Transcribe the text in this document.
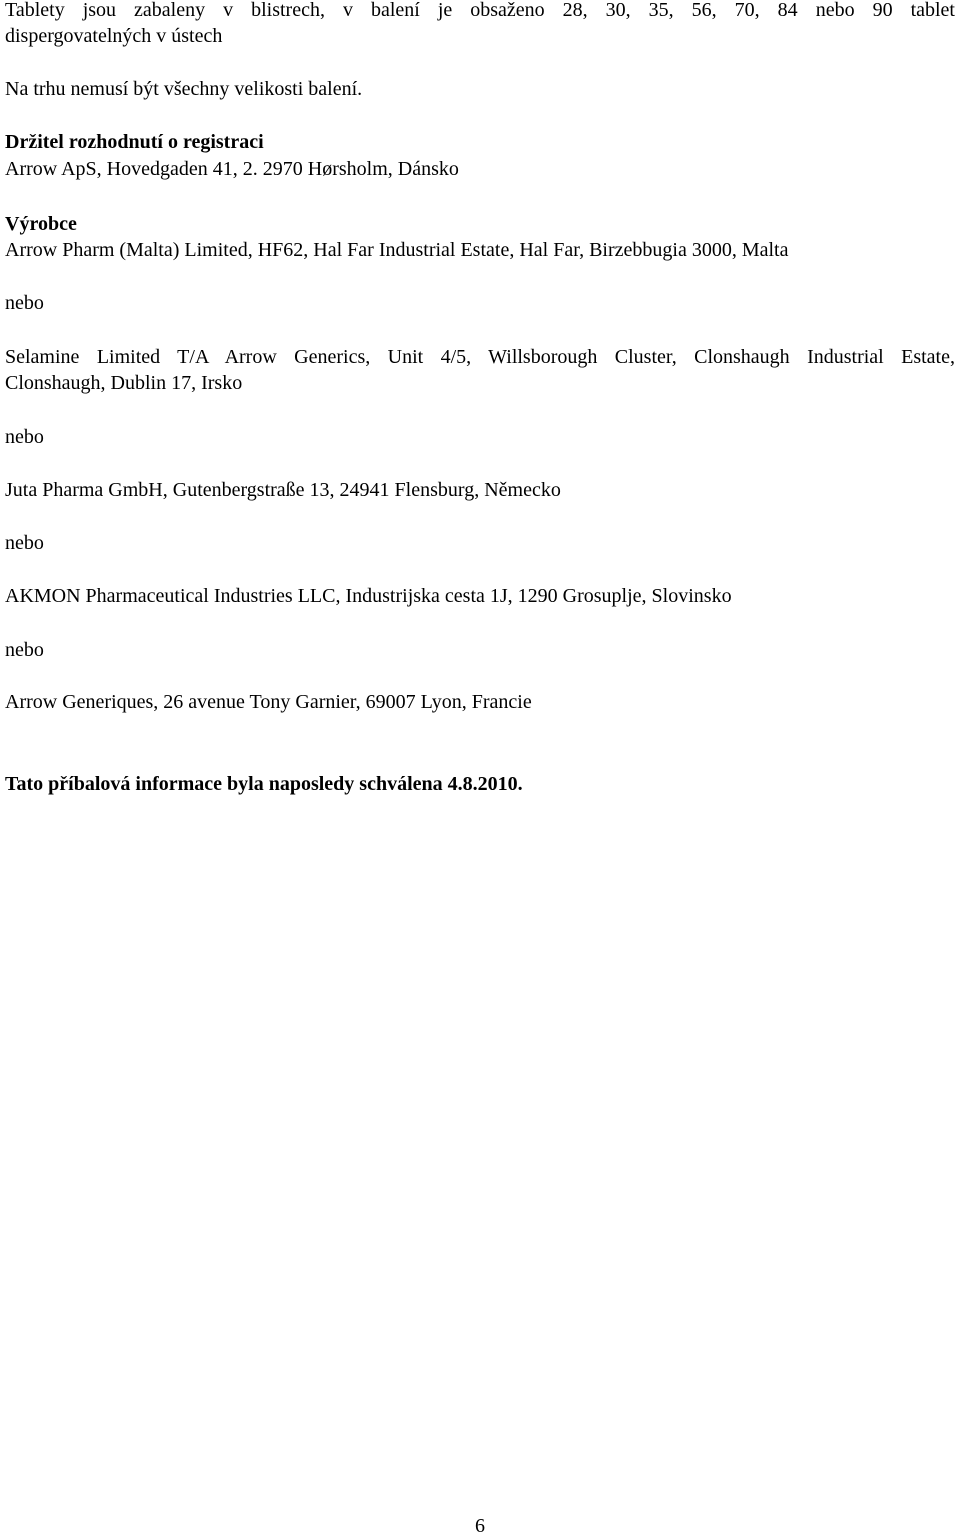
Tablety jsou zabaleny v blistrech, v balení je obsaženo 28, 30, 35, 56, 70, 84 nebo 90 tablet
dispergovatelných v ústech
Na trhu nemusí být všechny velikosti balení.
Držitel rozhodnutí o registraci
Arrow ApS, Hovedgaden 41, 2. 2970 Hørsholm, Dánsko
Výrobce
Arrow Pharm (Malta) Limited, HF62, Hal Far Industrial Estate, Hal Far, Birzebbugia 3000, Malta
nebo
Selamine Limited T/A Arrow Generics, Unit 4/5, Willsborough Cluster, Clonshaugh Industrial Estate,
Clonshaugh, Dublin 17, Irsko
nebo
Juta Pharma GmbH, Gutenbergstraße 13, 24941 Flensburg, Německo
nebo
AKMON Pharmaceutical Industries LLC, Industrijska cesta 1J, 1290 Grosuplje, Slovinsko
nebo
Arrow Generiques, 26 avenue Tony Garnier, 69007 Lyon, Francie
Tato příbalová informace byla naposledy schválena 4.8.2010.
6
